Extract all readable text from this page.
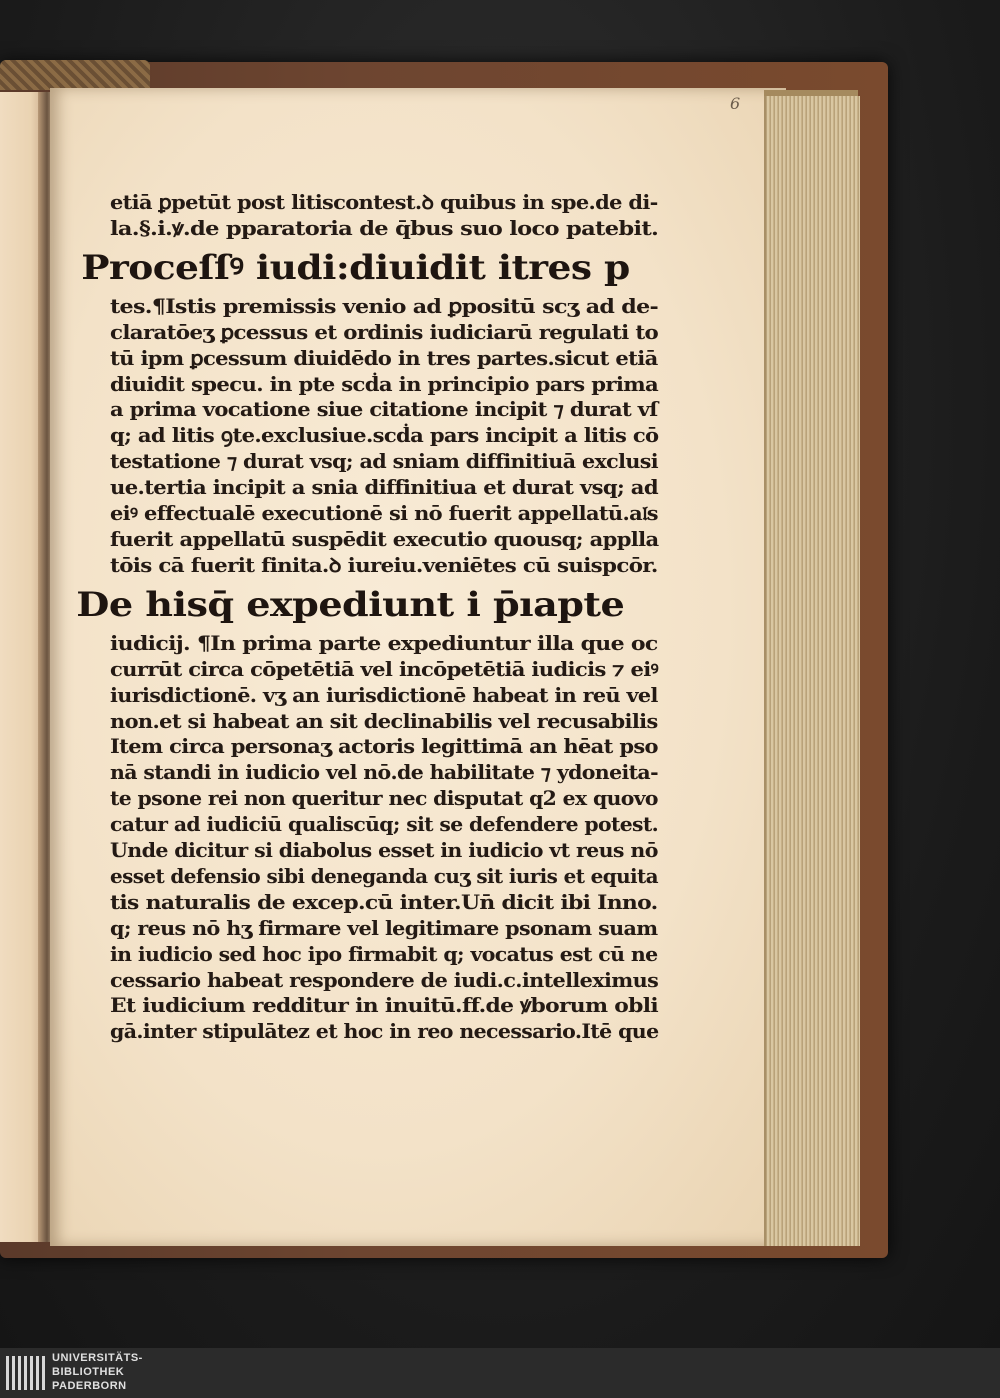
6
etiā ꝑpetūt post litiscontest.ꝺ quibus in spe.de di-
la.§.i.ꝟ.de pparatoria de q̄bus suo loco patebit.
Proceſſꝰ iudi:diuidit itres p
tes.¶Istis premissis venio ad ꝑpositū scʒ ad de-
claratōeʒ ꝑcessus et ordinis iudiciarū regulati to
tū ipm ꝑcessum diuidēdo in tres partes.sicut etiā
diuidit specu. in pte scḋa in principio pars prima
a prima vocatione siue citatione incipit ⁊ durat vſ
q; ad litis ꝯte.exclusiue.scḋa pars incipit a litis cō
testatione ⁊ durat vsq; ad sniam diffinitiuā exclusi
ue.tertia incipit a snia diffinitiua et durat vsq; ad
eiꝰ effectualē executionē si nō fuerit appellatū.a𝔩s
fuerit appellatū suspēdit executio quousq; applla
tōis cā fuerit finita.ꝺ iureiu.veniētes cū suispcōr.
De hisq̄ expediunt i p̄ıapte
iudicij. ¶In prima parte expediuntur illa que oc
currūt circa cōpetētiā vel incōpetētiā iudicis ⁊ eiꝰ
iurisdictionē. vʒ an iurisdictionē habeat in reū vel
non.et si habeat an sit declinabilis vel recusabilis
Item circa personaʒ actoris legittimā an hēat pso
nā standi in iudicio vel nō.de habilitate ⁊ ydoneita-
te psone rei non queritur nec disputat q2 ex quovo
catur ad iudiciū qualiscūq; sit se defendere potest.
Unde dicitur si diabolus esset in iudicio vt reus nō
esset defensio sibi deneganda cuʒ sit iuris et equita
tis naturalis de excep.cū inter.Un̄ dicit ibi Inno.
q; reus nō hʒ firmare vel legitimare psonam suam
in iudicio sed hoc ipo firmabit q; vocatus est cū ne
cessario habeat respondere de iudi.c.intelleximus
Et iudicium redditur in inuitū.ff.de ꝟborum obli
gā.inter stipulātez et hoc in reo necessario.Itē que
UNIVERSITÄTS-
BIBLIOTHEK
PADERBORN
